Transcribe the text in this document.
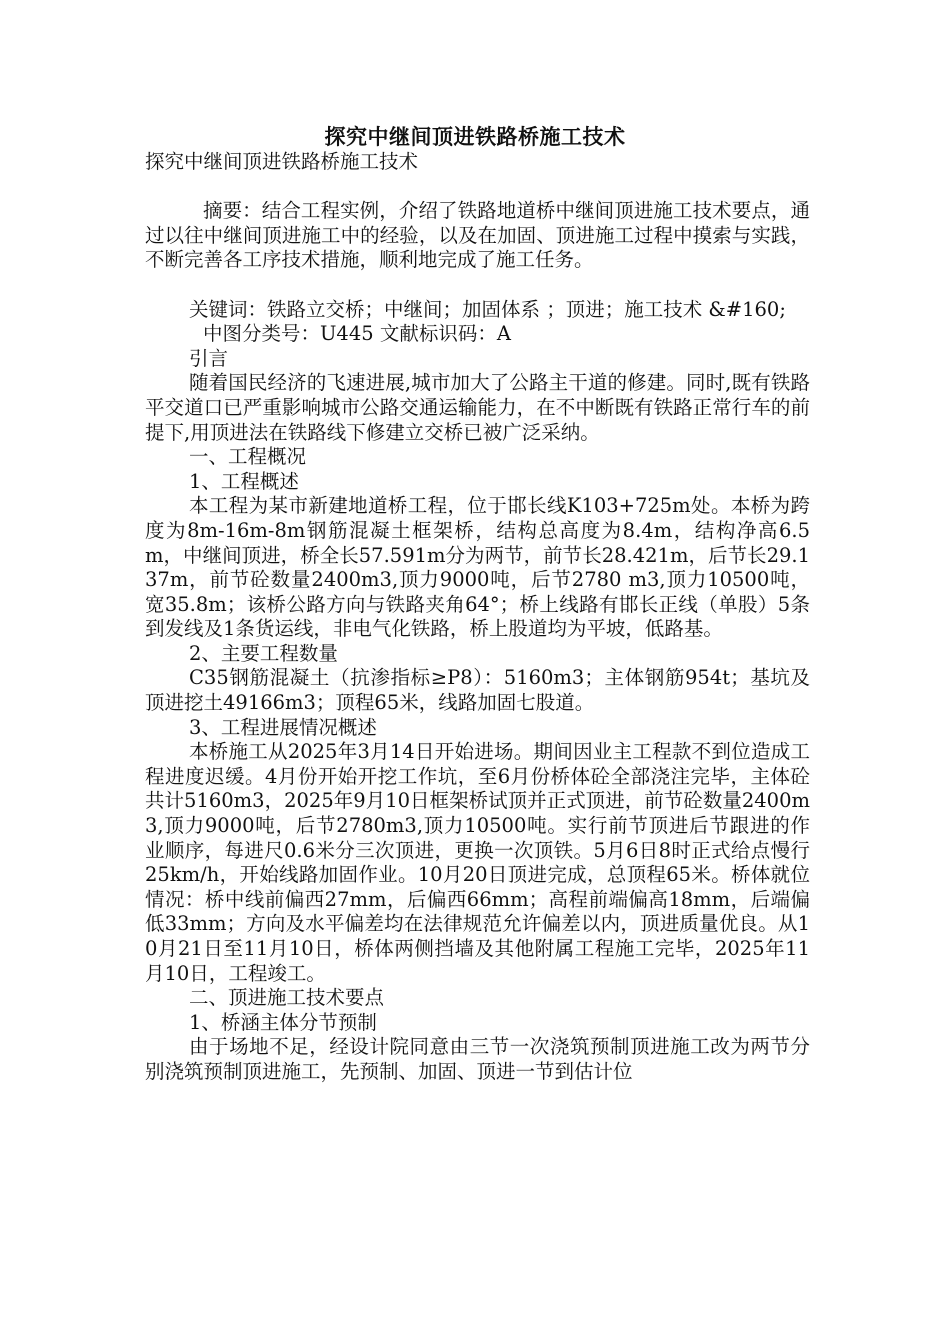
探究中继间顶进铁路桥施工技术

探究中继间顶进铁路桥施工技术

摘要：结合工程实例，介绍了铁路地道桥中继间顶进施工技术要点，通过以往中继间顶进施工中的经验，以及在加固、顶进施工过程中摸索与实践，不断完善各工序技术措施，顺利地完成了施工任务。

关键词：铁路立交桥；中继间；加固体系 ；顶进；施工技术 &#160;

中图分类号：U445 文献标识码：A

引言

随着国民经济的飞速进展,城市加大了公路主干道的修建。同时,既有铁路平交道口已严重影响城市公路交通运输能力，在不中断既有铁路正常行车的前提下,用顶进法在铁路线下修建立交桥已被广泛采纳。

一、工程概况

1、工程概述

本工程为某市新建地道桥工程，位于邯长线K103+725m处。本桥为跨度为8m-16m-8m钢筋混凝土框架桥，结构总高度为8.4m，结构净高6.5m，中继间顶进，桥全长57.591m分为两节，前节长28.421m，后节长29.137m，前节砼数量2400m3,顶力9000吨，后节2780 m3,顶力10500吨，宽35.8m；该桥公路方向与铁路夹角64°；桥上线路有邯长正线（单股）5条到发线及1条货运线，非电气化铁路，桥上股道均为平坡，低路基。

2、主要工程数量

C35钢筋混凝土（抗渗指标≥P8）：5160m3；主体钢筋954t；基坑及顶进挖土49166m3；顶程65米，线路加固七股道。

3、工程进展情况概述

本桥施工从2025年3月14日开始进场。期间因业主工程款不到位造成工程进度迟缓。4月份开始开挖工作坑，至6月份桥体砼全部浇注完毕，主体砼共计5160m3，2025年9月10日框架桥试顶并正式顶进，前节砼数量2400m3,顶力9000吨，后节2780m3,顶力10500吨。实行前节顶进后节跟进的作业顺序，每进尺0.6米分三次顶进，更换一次顶铁。5月6日8时正式给点慢行25km/h，开始线路加固作业。10月20日顶进完成，总顶程65米。桥体就位情况：桥中线前偏西27mm，后偏西66mm；高程前端偏高18mm，后端偏低33mm；方向及水平偏差均在法律规范允许偏差以内，顶进质量优良。从10月21日至11月10日，桥体两侧挡墙及其他附属工程施工完毕，2025年11月10日，工程竣工。

二、顶进施工技术要点

1、桥涵主体分节预制

由于场地不足，经设计院同意由三节一次浇筑预制顶进施工改为两节分别浇筑预制顶进施工，先预制、加固、顶进一节到估计位
